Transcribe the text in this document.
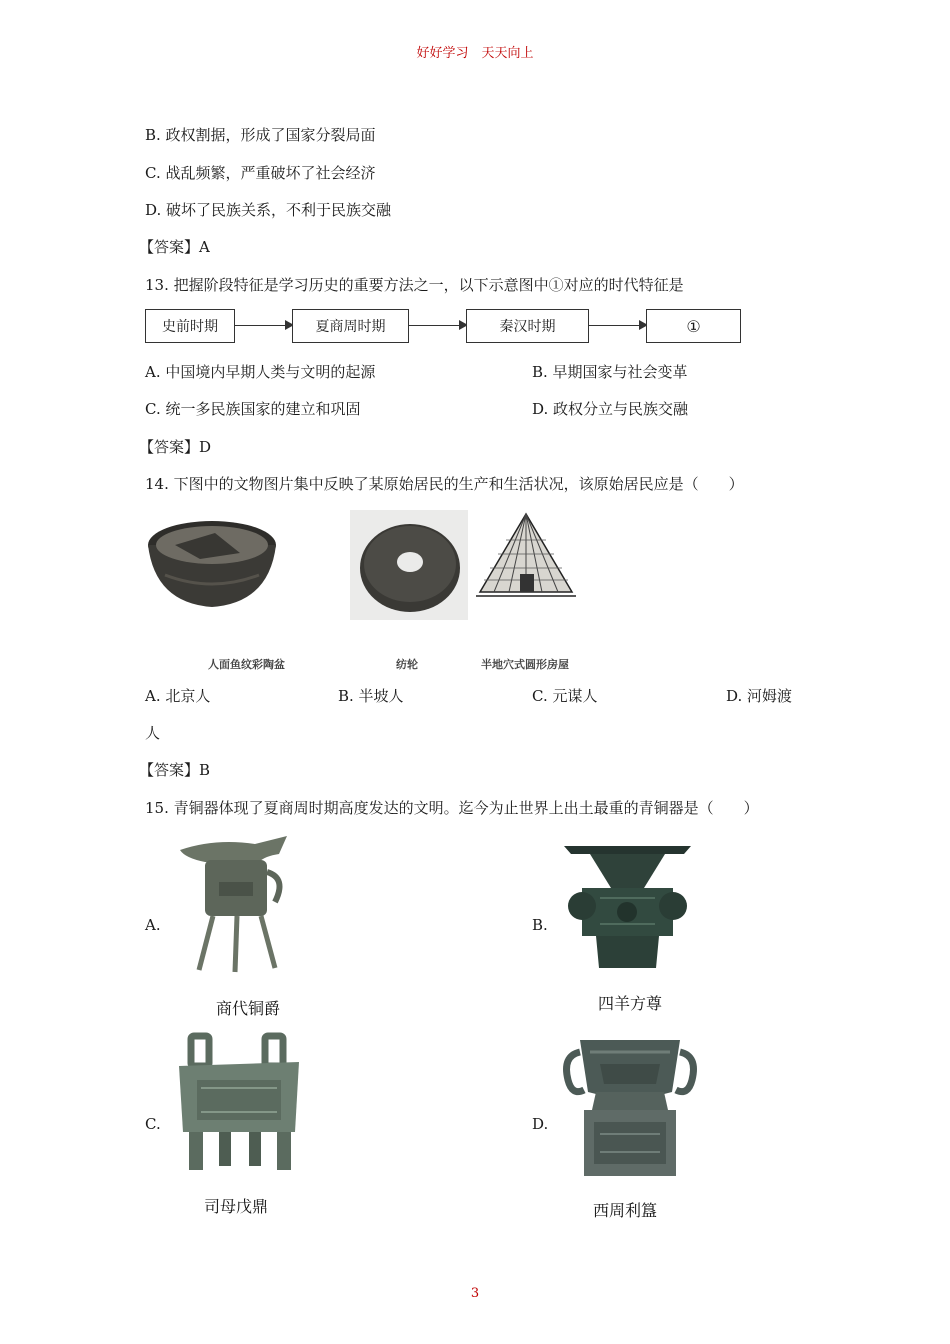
好好学习　天天向上
B. 政权割据，形成了国家分裂局面
C. 战乱频繁，严重破坏了社会经济
D. 破坏了民族关系，不利于民族交融
【答案】A
13. 把握阶段特征是学习历史的重要方法之一，以下示意图中①对应的时代特征是
史前时期	夏商周时期	秦汉时期	①
A. 中国境内早期人类与文明的起源	B. 早期国家与社会变革
C. 统一多民族国家的建立和巩固	D. 政权分立与民族交融
【答案】D
14. 下图中的文物图片集中反映了某原始居民的生产和生活状况，该原始居民应是（　　）
人面鱼纹彩陶盆	纺轮	半地穴式圆形房屋
A. 北京人	B. 半坡人	C. 元谋人	D. 河姆渡
人
【答案】B
15. 青铜器体现了夏商周时期高度发达的文明。迄今为止世界上出土最重的青铜器是（　　）
A.
商代铜爵
B.
四羊方尊
C.
司母戊鼎
D.
西周利簋
3
